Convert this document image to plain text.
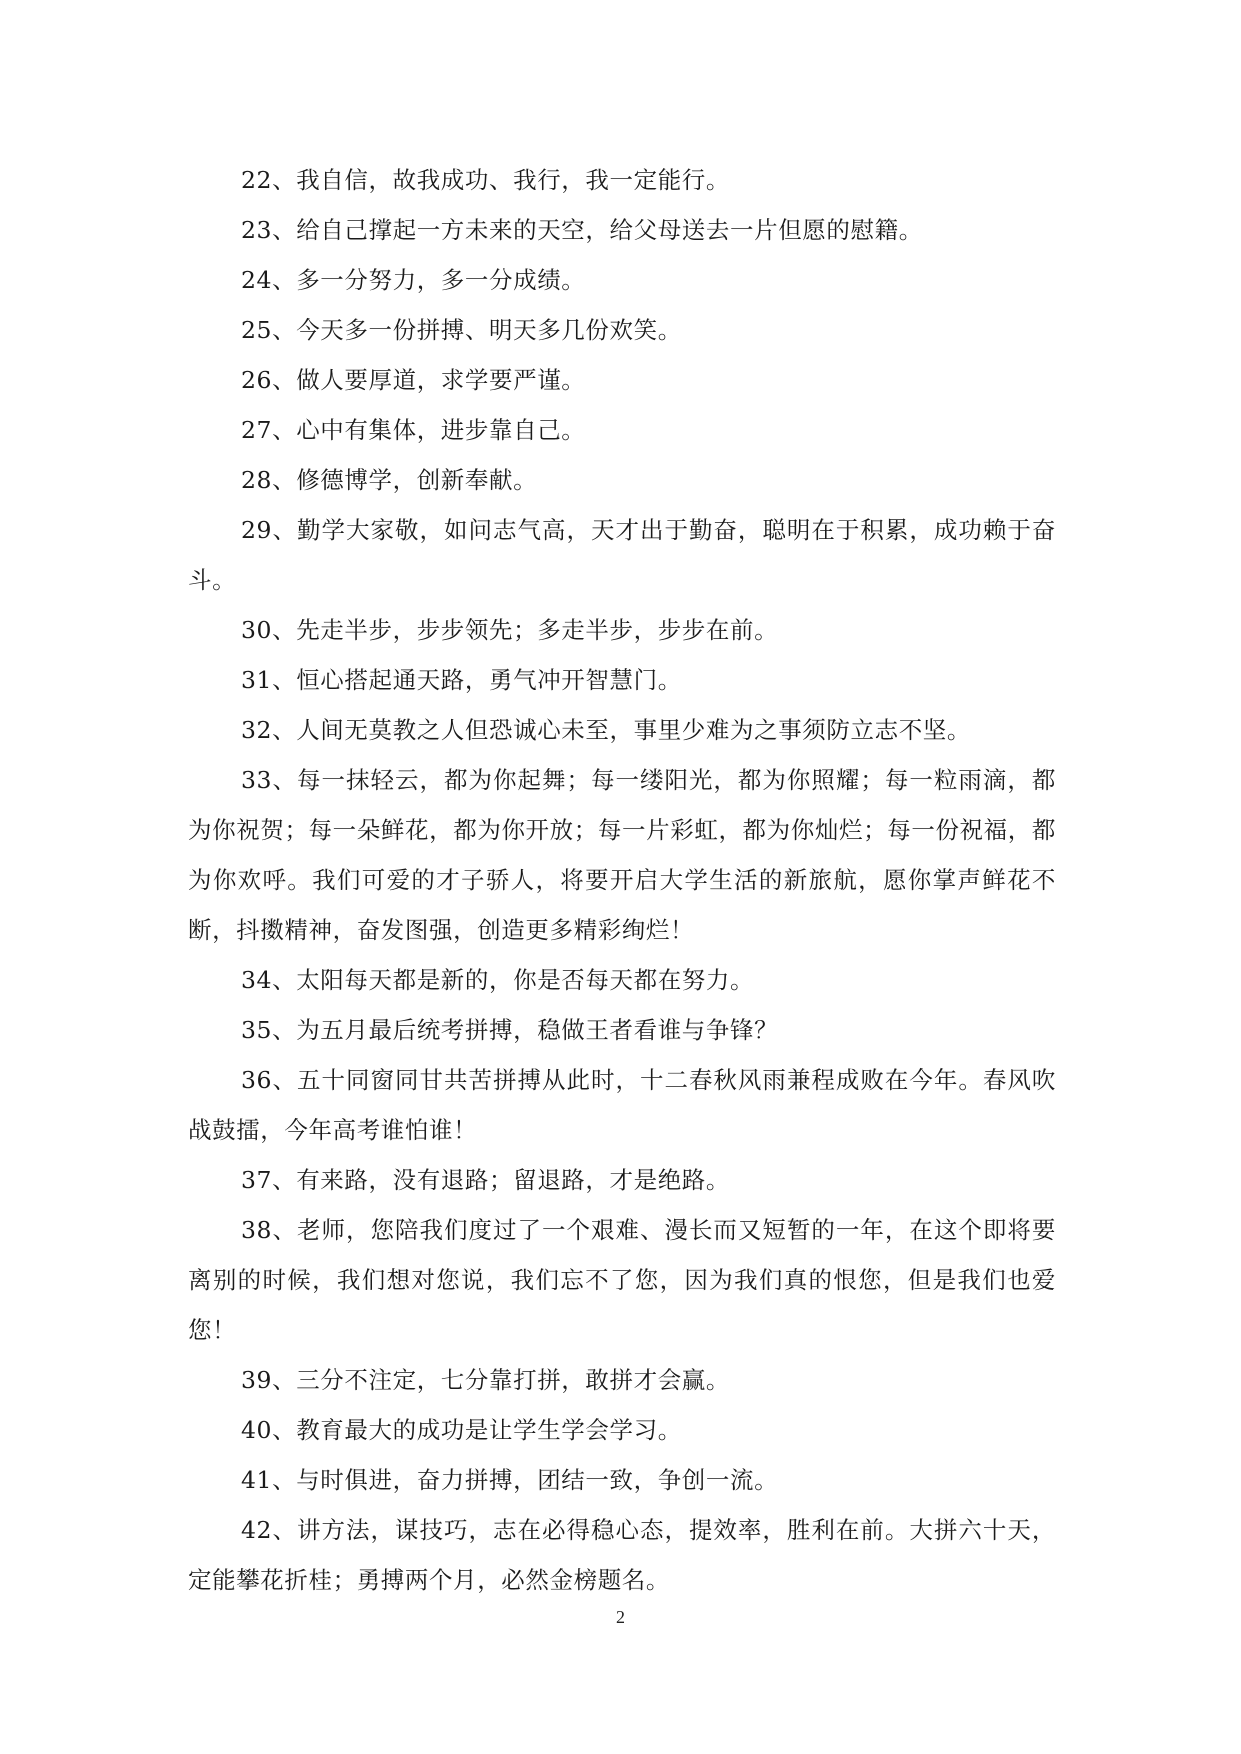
22、我自信，故我成功、我行，我一定能行。

23、给自己撑起一方未来的天空，给父母送去一片但愿的慰籍。

24、多一分努力，多一分成绩。

25、今天多一份拼搏、明天多几份欢笑。

26、做人要厚道，求学要严谨。

27、心中有集体，进步靠自己。

28、修德博学，创新奉献。

29、勤学大家敬，如问志气高，天才出于勤奋，聪明在于积累，成功赖于奋斗。

30、先走半步，步步领先；多走半步，步步在前。

31、恒心搭起通天路，勇气冲开智慧门。

32、人间无莫教之人但恐诚心未至，事里少难为之事须防立志不坚。

33、每一抹轻云，都为你起舞；每一缕阳光，都为你照耀；每一粒雨滴，都为你祝贺；每一朵鲜花，都为你开放；每一片彩虹，都为你灿烂；每一份祝福，都为你欢呼。我们可爱的才子骄人，将要开启大学生活的新旅航，愿你掌声鲜花不断，抖擞精神，奋发图强，创造更多精彩绚烂！

34、太阳每天都是新的，你是否每天都在努力。

35、为五月最后统考拼搏，稳做王者看谁与争锋？

36、五十同窗同甘共苦拼搏从此时，十二春秋风雨兼程成败在今年。春风吹战鼓擂，今年高考谁怕谁！

37、有来路，没有退路；留退路，才是绝路。

38、老师，您陪我们度过了一个艰难、漫长而又短暂的一年，在这个即将要离别的时候，我们想对您说，我们忘不了您，因为我们真的恨您，但是我们也爱您！

39、三分不注定，七分靠打拼，敢拼才会赢。

40、教育最大的成功是让学生学会学习。

41、与时俱进，奋力拼搏，团结一致，争创一流。

42、讲方法，谋技巧，志在必得稳心态，提效率，胜利在前。大拼六十天，定能攀花折桂；勇搏两个月，必然金榜题名。

2
